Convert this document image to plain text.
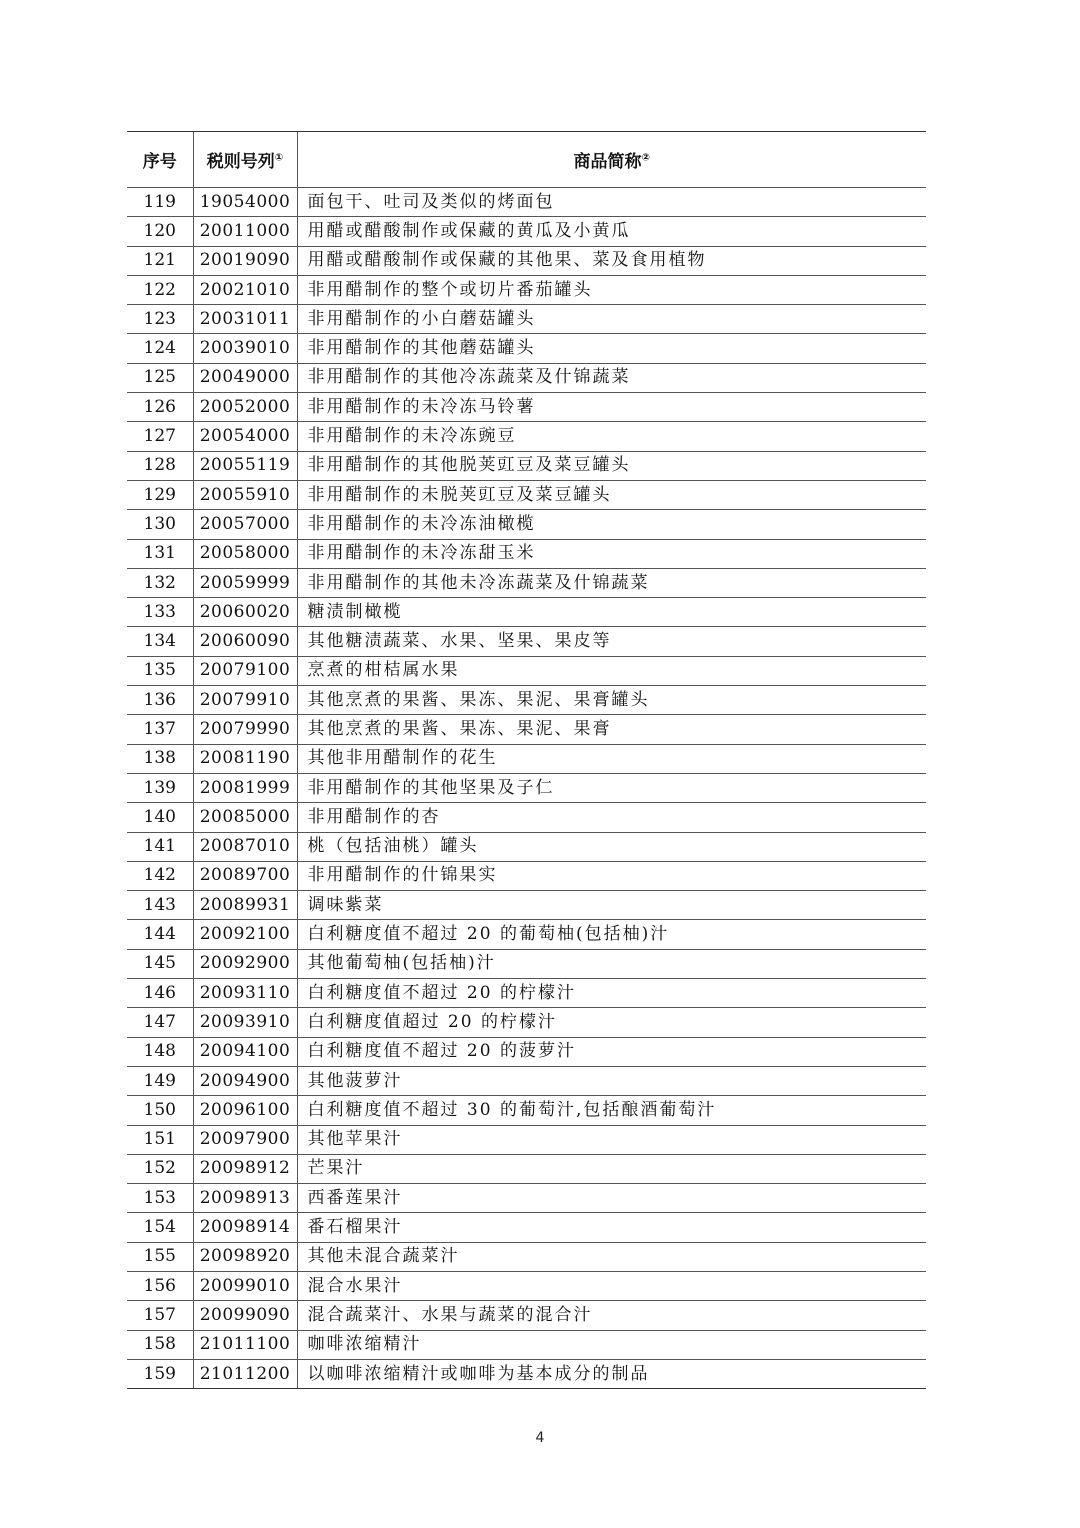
序号	税则号列①	商品简称②
119	19054000	面包干、吐司及类似的烤面包
120	20011000	用醋或醋酸制作或保藏的黄瓜及小黄瓜
121	20019090	用醋或醋酸制作或保藏的其他果、菜及食用植物
122	20021010	非用醋制作的整个或切片番茄罐头
123	20031011	非用醋制作的小白蘑菇罐头
124	20039010	非用醋制作的其他蘑菇罐头
125	20049000	非用醋制作的其他冷冻蔬菜及什锦蔬菜
126	20052000	非用醋制作的未冷冻马铃薯
127	20054000	非用醋制作的未冷冻豌豆
128	20055119	非用醋制作的其他脱荚豇豆及菜豆罐头
129	20055910	非用醋制作的未脱荚豇豆及菜豆罐头
130	20057000	非用醋制作的未冷冻油橄榄
131	20058000	非用醋制作的未冷冻甜玉米
132	20059999	非用醋制作的其他未冷冻蔬菜及什锦蔬菜
133	20060020	糖渍制橄榄
134	20060090	其他糖渍蔬菜、水果、坚果、果皮等
135	20079100	烹煮的柑桔属水果
136	20079910	其他烹煮的果酱、果冻、果泥、果膏罐头
137	20079990	其他烹煮的果酱、果冻、果泥、果膏
138	20081190	其他非用醋制作的花生
139	20081999	非用醋制作的其他坚果及子仁
140	20085000	非用醋制作的杏
141	20087010	桃（包括油桃）罐头
142	20089700	非用醋制作的什锦果实
143	20089931	调味紫菜
144	20092100	白利糖度值不超过 20 的葡萄柚(包括柚)汁
145	20092900	其他葡萄柚(包括柚)汁
146	20093110	白利糖度值不超过 20 的柠檬汁
147	20093910	白利糖度值超过 20 的柠檬汁
148	20094100	白利糖度值不超过 20 的菠萝汁
149	20094900	其他菠萝汁
150	20096100	白利糖度值不超过 30 的葡萄汁,包括酿酒葡萄汁
151	20097900	其他苹果汁
152	20098912	芒果汁
153	20098913	西番莲果汁
154	20098914	番石榴果汁
155	20098920	其他未混合蔬菜汁
156	20099010	混合水果汁
157	20099090	混合蔬菜汁、水果与蔬菜的混合汁
158	21011100	咖啡浓缩精汁
159	21011200	以咖啡浓缩精汁或咖啡为基本成分的制品
4
